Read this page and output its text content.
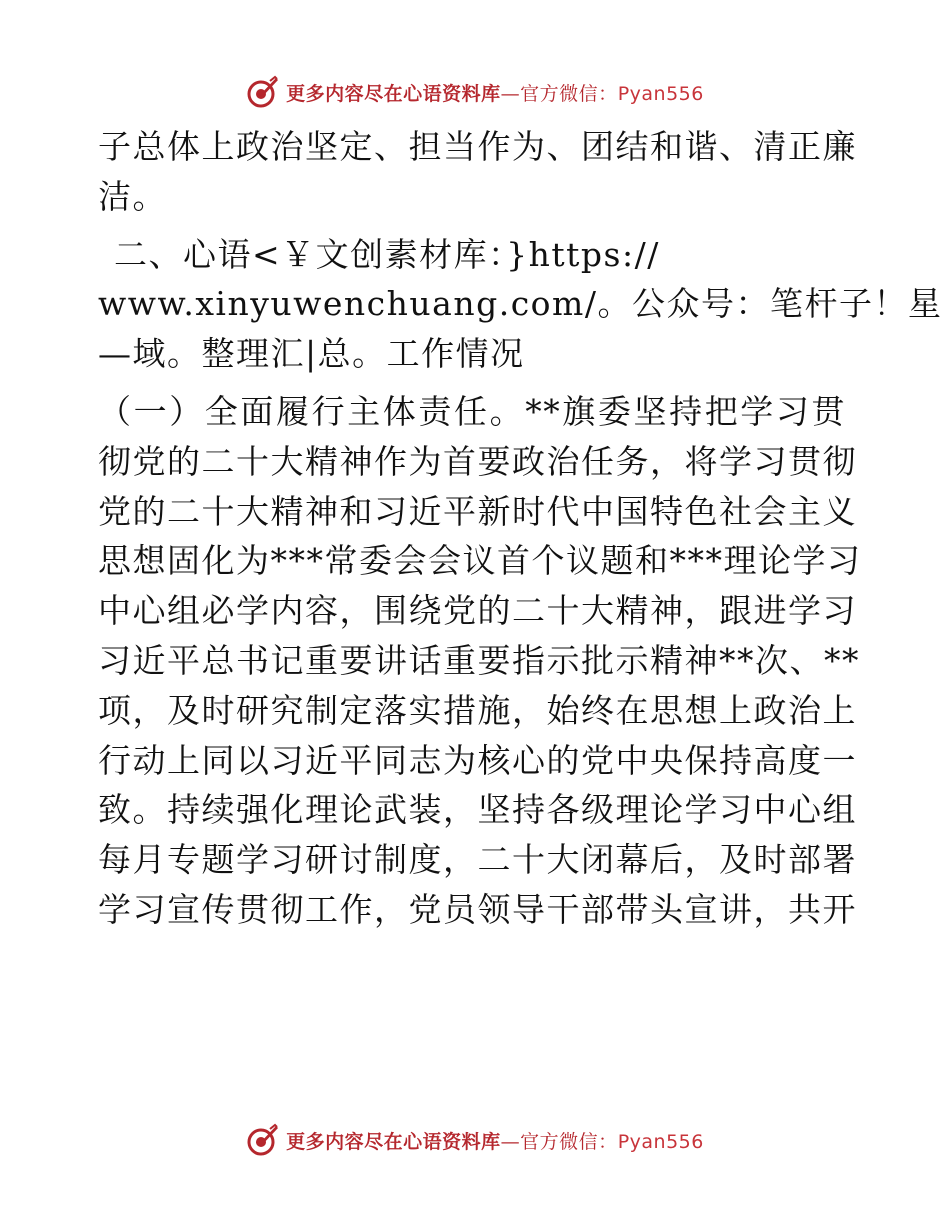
更多内容尽在心语资料库—官方微信：Pyan556
子总体上政治坚定、担当作为、团结和谐、清正廉
洁。
二、心语<￥文创素材库：}https://
www.xinyuwenchuang.com/。公众号：笔杆子！星
—域。整理汇|总。工作情况
（一）全面履行主体责任。**旗委坚持把学习贯
彻党的二十大精神作为首要政治任务，将学习贯彻
党的二十大精神和习近平新时代中国特色社会主义
思想固化为***常委会会议首个议题和***理论学习
中心组必学内容，围绕党的二十大精神，跟进学习
习近平总书记重要讲话重要指示批示精神**次、**
项，及时研究制定落实措施，始终在思想上政治上
行动上同以习近平同志为核心的党中央保持高度一
致。持续强化理论武装，坚持各级理论学习中心组
每月专题学习研讨制度，二十大闭幕后，及时部署
学习宣传贯彻工作，党员领导干部带头宣讲，共开
更多内容尽在心语资料库—官方微信：Pyan556
